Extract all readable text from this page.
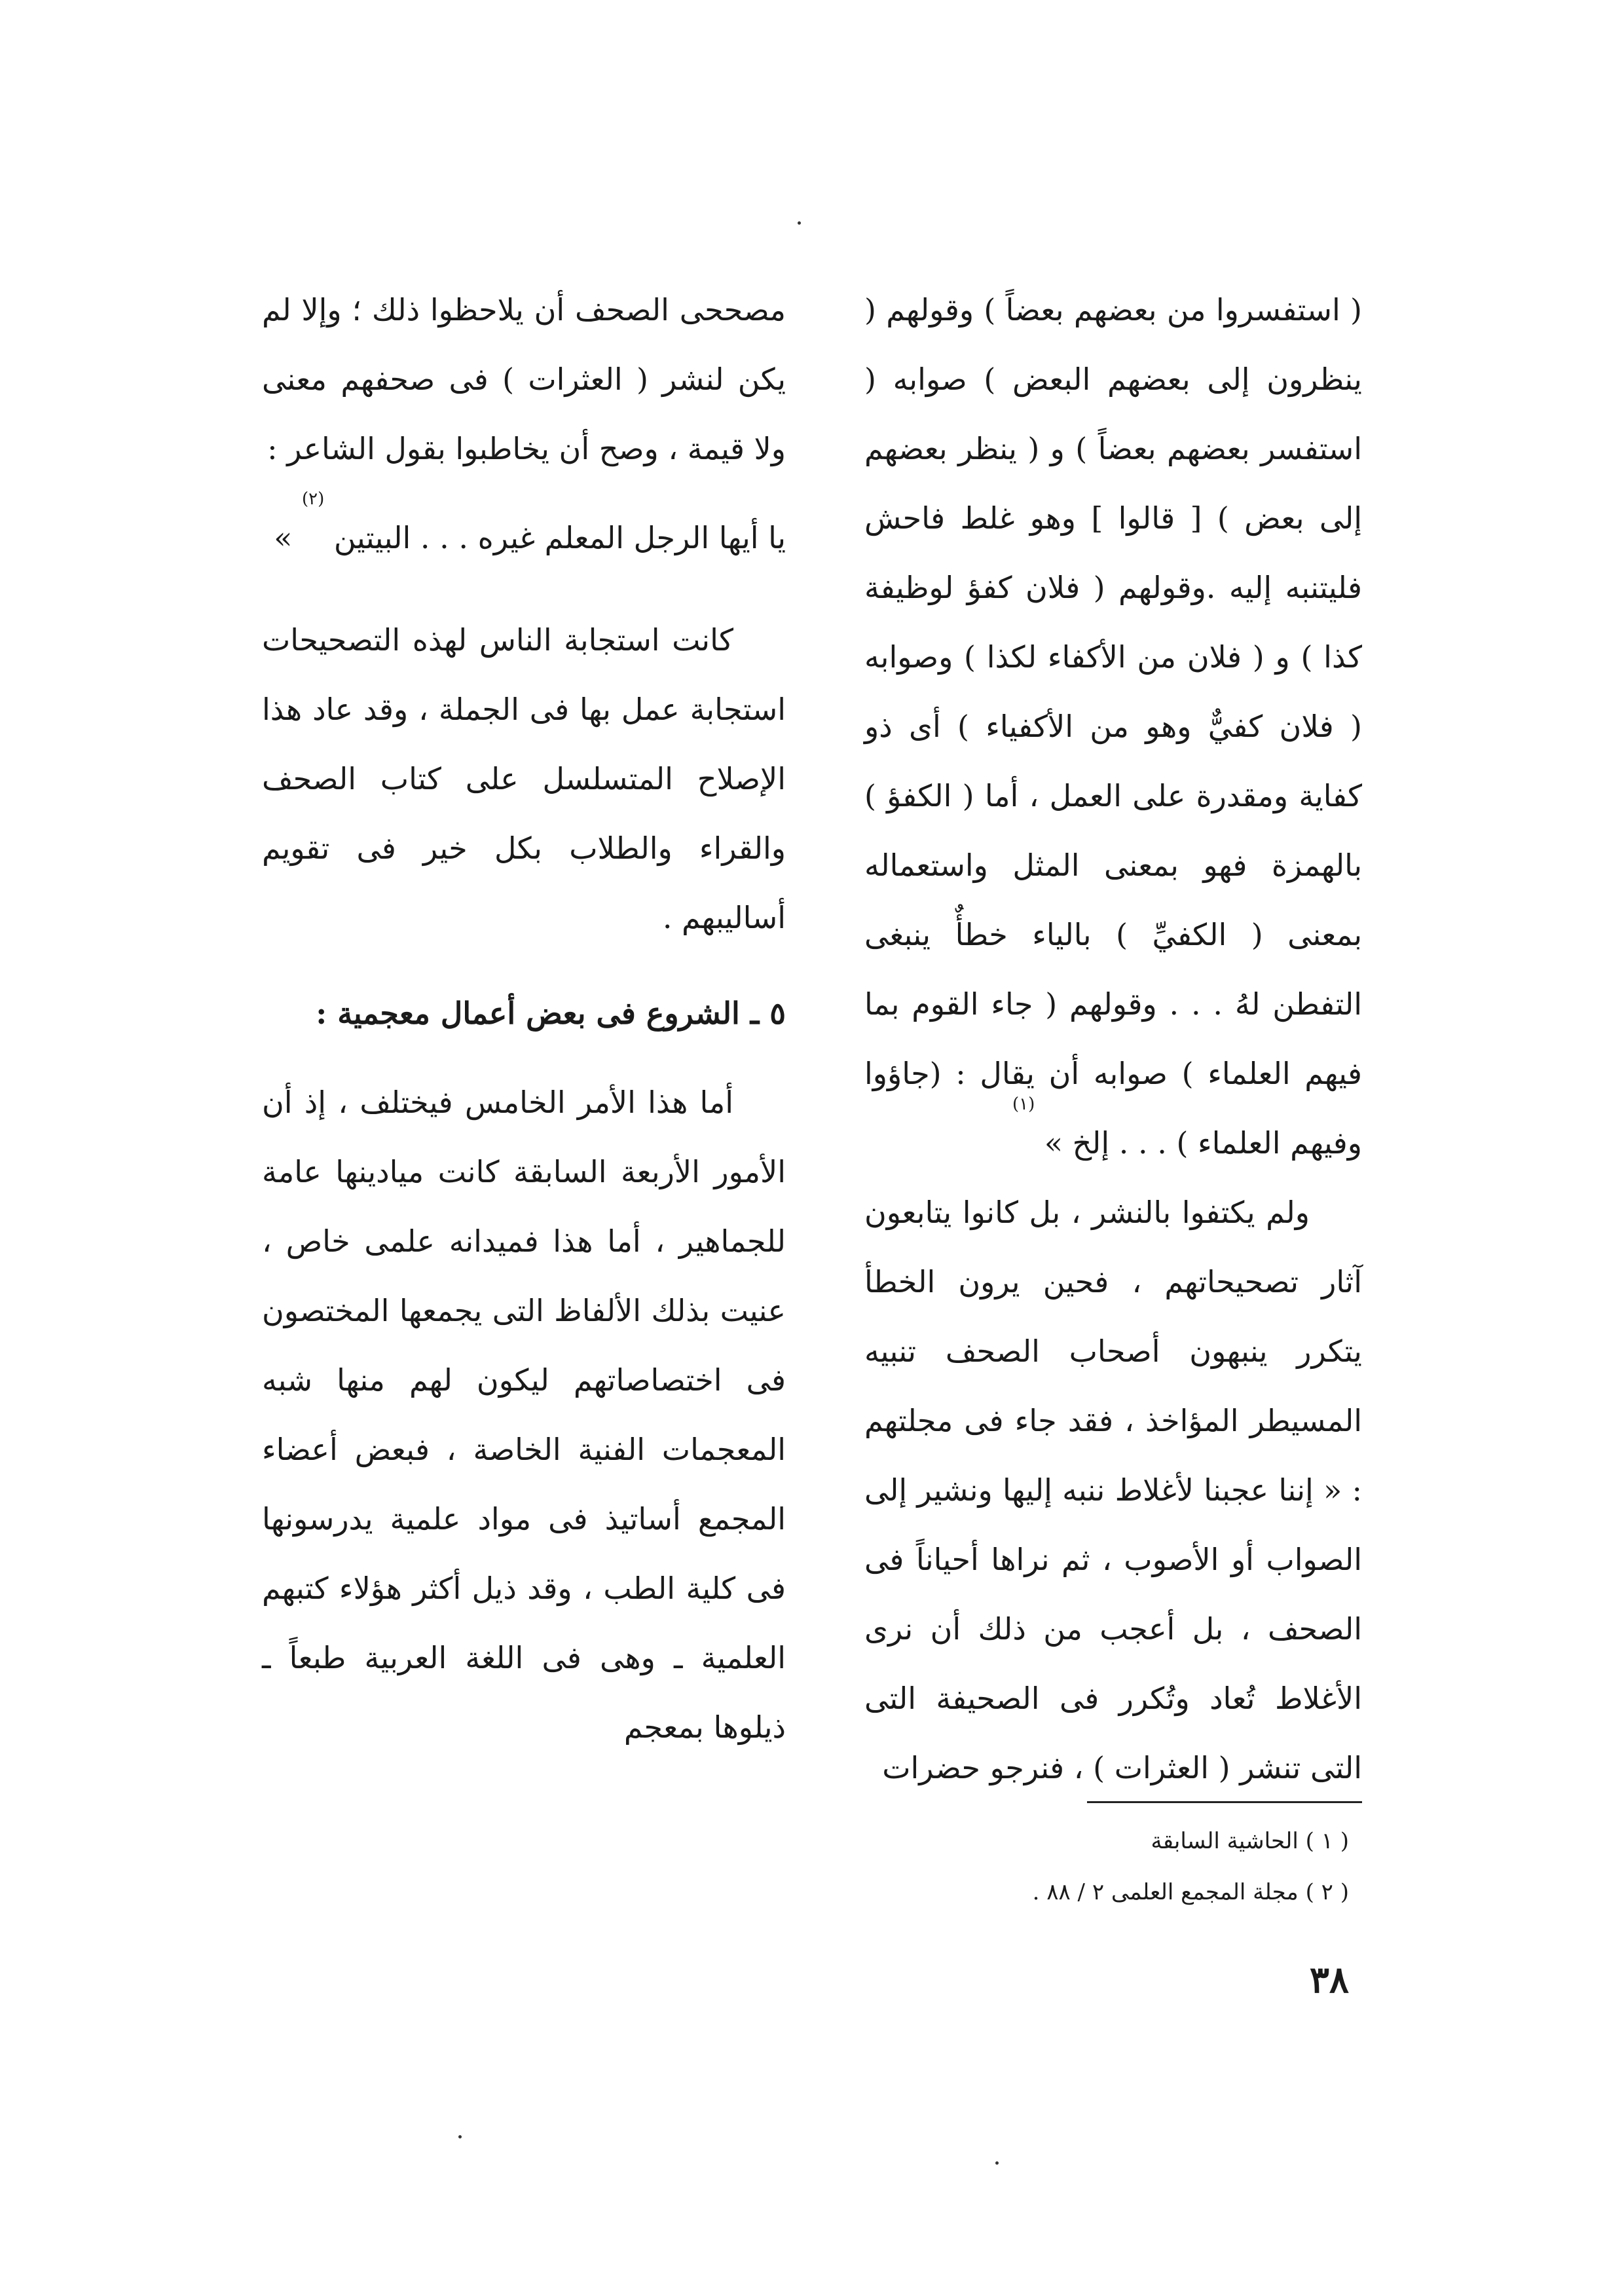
( استفسروا من بعضهم بعضاً ) وقولهم ( ينظرون إلى بعضهم البعض ) صوابه ( استفسر بعضهم بعضاً ) و ( ينظر بعضهم إلى بعض ) [ قالوا ] وهو غلط فاحش فليتنبه إليه .وقولهم ( فلان كفؤ لوظيفة كذا ) و ( فلان من الأكفاء لكذا ) وصوابه ( فلان كفيٌّ وهو من الأكفياء ) أى ذو كفاية ومقدرة على العمل ، أما ( الكفؤ ) بالهمزة فهو بمعنى المثل واستعماله بمعنى ( الكفيِّ ) بالياء خطأٌ ينبغى التفطن لهُ . . . وقولهم ( جاء القوم بما فيهم العلماء ) صوابه أن يقال : (جاؤوا وفيهم العلماء ) . . . إلخ » $^{(١)}$

ولم يكتفوا بالنشر ، بل كانوا يتابعون آثار تصحيحاتهم ، فحين يرون الخطأ يتكرر ينبهون أصحاب الصحف تنبيه المسيطر المؤاخذ ، فقد جاء فى مجلتهم : « إننا عجبنا لأغلاط ننبه إليها ونشير إلى الصواب أو الأصوب ، ثم نراها أحياناً فى الصحف ، بل أعجب من ذلك أن نرى الأغلاط تُعاد وتُكرر فى الصحيفة التى التى تنشر ( العثرات ) ، فنرجو حضرات

مصححى الصحف أن يلاحظوا ذلك ؛ وإلا لم يكن لنشر ( العثرات ) فى صحفهم معنى ولا قيمة ، وصح أن يخاطبوا بقول الشاعر :

يا أيها الرجل المعلم غيره . . . البيتين $^{(٢)}$ »

كانت استجابة الناس لهذه التصحيحات استجابة عمل بها فى الجملة ، وقد عاد هذا الإصلاح المتسلسل على كتاب الصحف والقراء والطلاب بكل خير فى تقويم أساليبهم .

٥ ـ الشروع فى بعض أعمال معجمية :

أما هذا الأمر الخامس فيختلف ، إذ أن الأمور الأربعة السابقة كانت ميادينها عامة للجماهير ، أما هذا فميدانه علمى خاص ، عنيت بذلك الألفاظ التى يجمعها المختصون فى اختصاصاتهم ليكون لهم منها شبه المعجمات الفنية الخاصة ، فبعض أعضاء المجمع أساتيذ فى مواد علمية يدرسونها فى كلية الطب ، وقد ذيل أكثر هؤلاء كتبهم العلمية ـ وهى فى اللغة العربية طبعاً ـ ذيلوها بمعجم

( ١ ) الحاشية السابقة
( ٢ ) مجلة المجمع العلمى ٢ / ٨٨ .
٣٨
